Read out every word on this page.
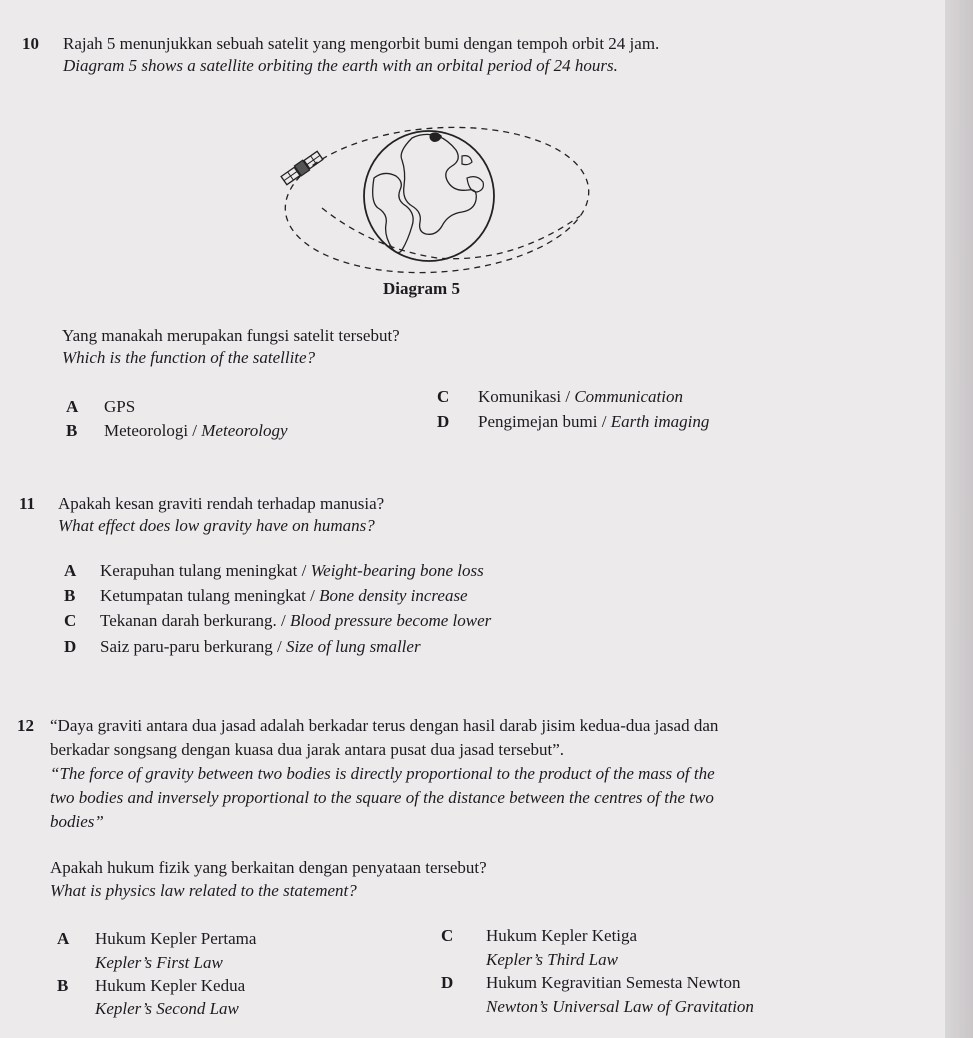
10 Rajah 5 menunjukkan sebuah satelit yang mengorbit bumi dengan tempoh orbit 24 jam.
Diagram 5 shows a satellite orbiting the earth with an orbital period of 24 hours.
Diagram 5
Yang manakah merupakan fungsi satelit tersebut?
Which is the function of the satellite?
A GPS
B Meteorologi / Meteorology
C Komunikasi / Communication
D Pengimejan bumi / Earth imaging
11 Apakah kesan graviti rendah terhadap manusia?
What effect does low gravity have on humans?
A Kerapuhan tulang meningkat / Weight-bearing bone loss
B Ketumpatan tulang meningkat / Bone density increase
C Tekanan darah berkurang. / Blood pressure become lower
D Saiz paru-paru berkurang / Size of lung smaller
12 “Daya graviti antara dua jasad adalah berkadar terus dengan hasil darab jisim kedua-dua jasad dan
berkadar songsang dengan kuasa dua jarak antara pusat dua jasad tersebut”.
“The force of gravity between two bodies is directly proportional to the product of the mass of the
two bodies and inversely proportional to the square of the distance between the centres of the two
bodies”
Apakah hukum fizik yang berkaitan dengan penyataan tersebut?
What is physics law related to the statement?
A Hukum Kepler Pertama
Kepler’s First Law
B Hukum Kepler Kedua
Kepler’s Second Law
C Hukum Kepler Ketiga
Kepler’s Third Law
D Hukum Kegravitian Semesta Newton
Newton’s Universal Law of Gravitation
